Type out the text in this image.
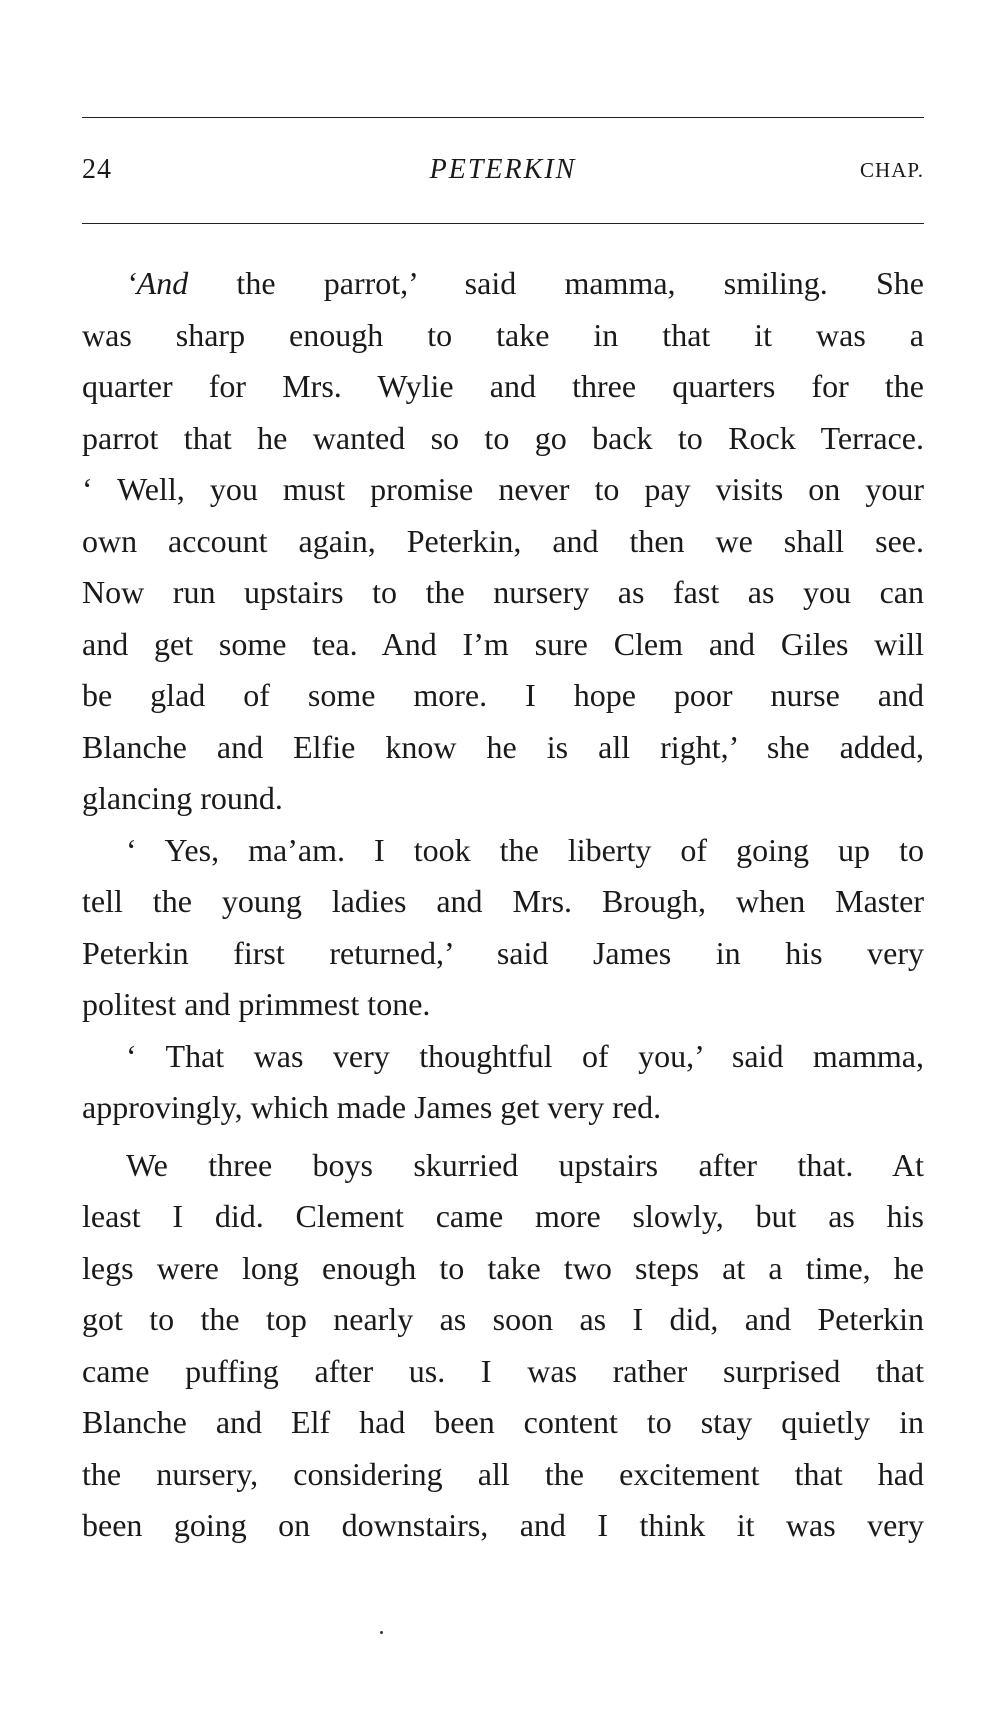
24	PETERKIN	CHAP.
‘And the parrot,’ said mamma, smiling. She
was sharp enough to take in that it was a
quarter for Mrs. Wylie and three quarters for the
parrot that he wanted so to go back to Rock Terrace.
‘ Well, you must promise never to pay visits on your
own account again, Peterkin, and then we shall see.
Now run upstairs to the nursery as fast as you can
and get some tea. And I’m sure Clem and Giles will
be glad of some more. I hope poor nurse and
Blanche and Elfie know he is all right,’ she added,
glancing round.
‘ Yes, ma’am. I took the liberty of going up to
tell the young ladies and Mrs. Brough, when Master
Peterkin first returned,’ said James in his very
politest and primmest tone.
‘ That was very thoughtful of you,’ said mamma,
approvingly, which made James get very red.
We three boys skurried upstairs after that. At
least I did. Clement came more slowly, but as his
legs were long enough to take two steps at a time, he
got to the top nearly as soon as I did, and Peterkin
came puffing after us. I was rather surprised that
Blanche and Elf had been content to stay quietly in
the nursery, considering all the excitement that had
been going on downstairs, and I think it was very
